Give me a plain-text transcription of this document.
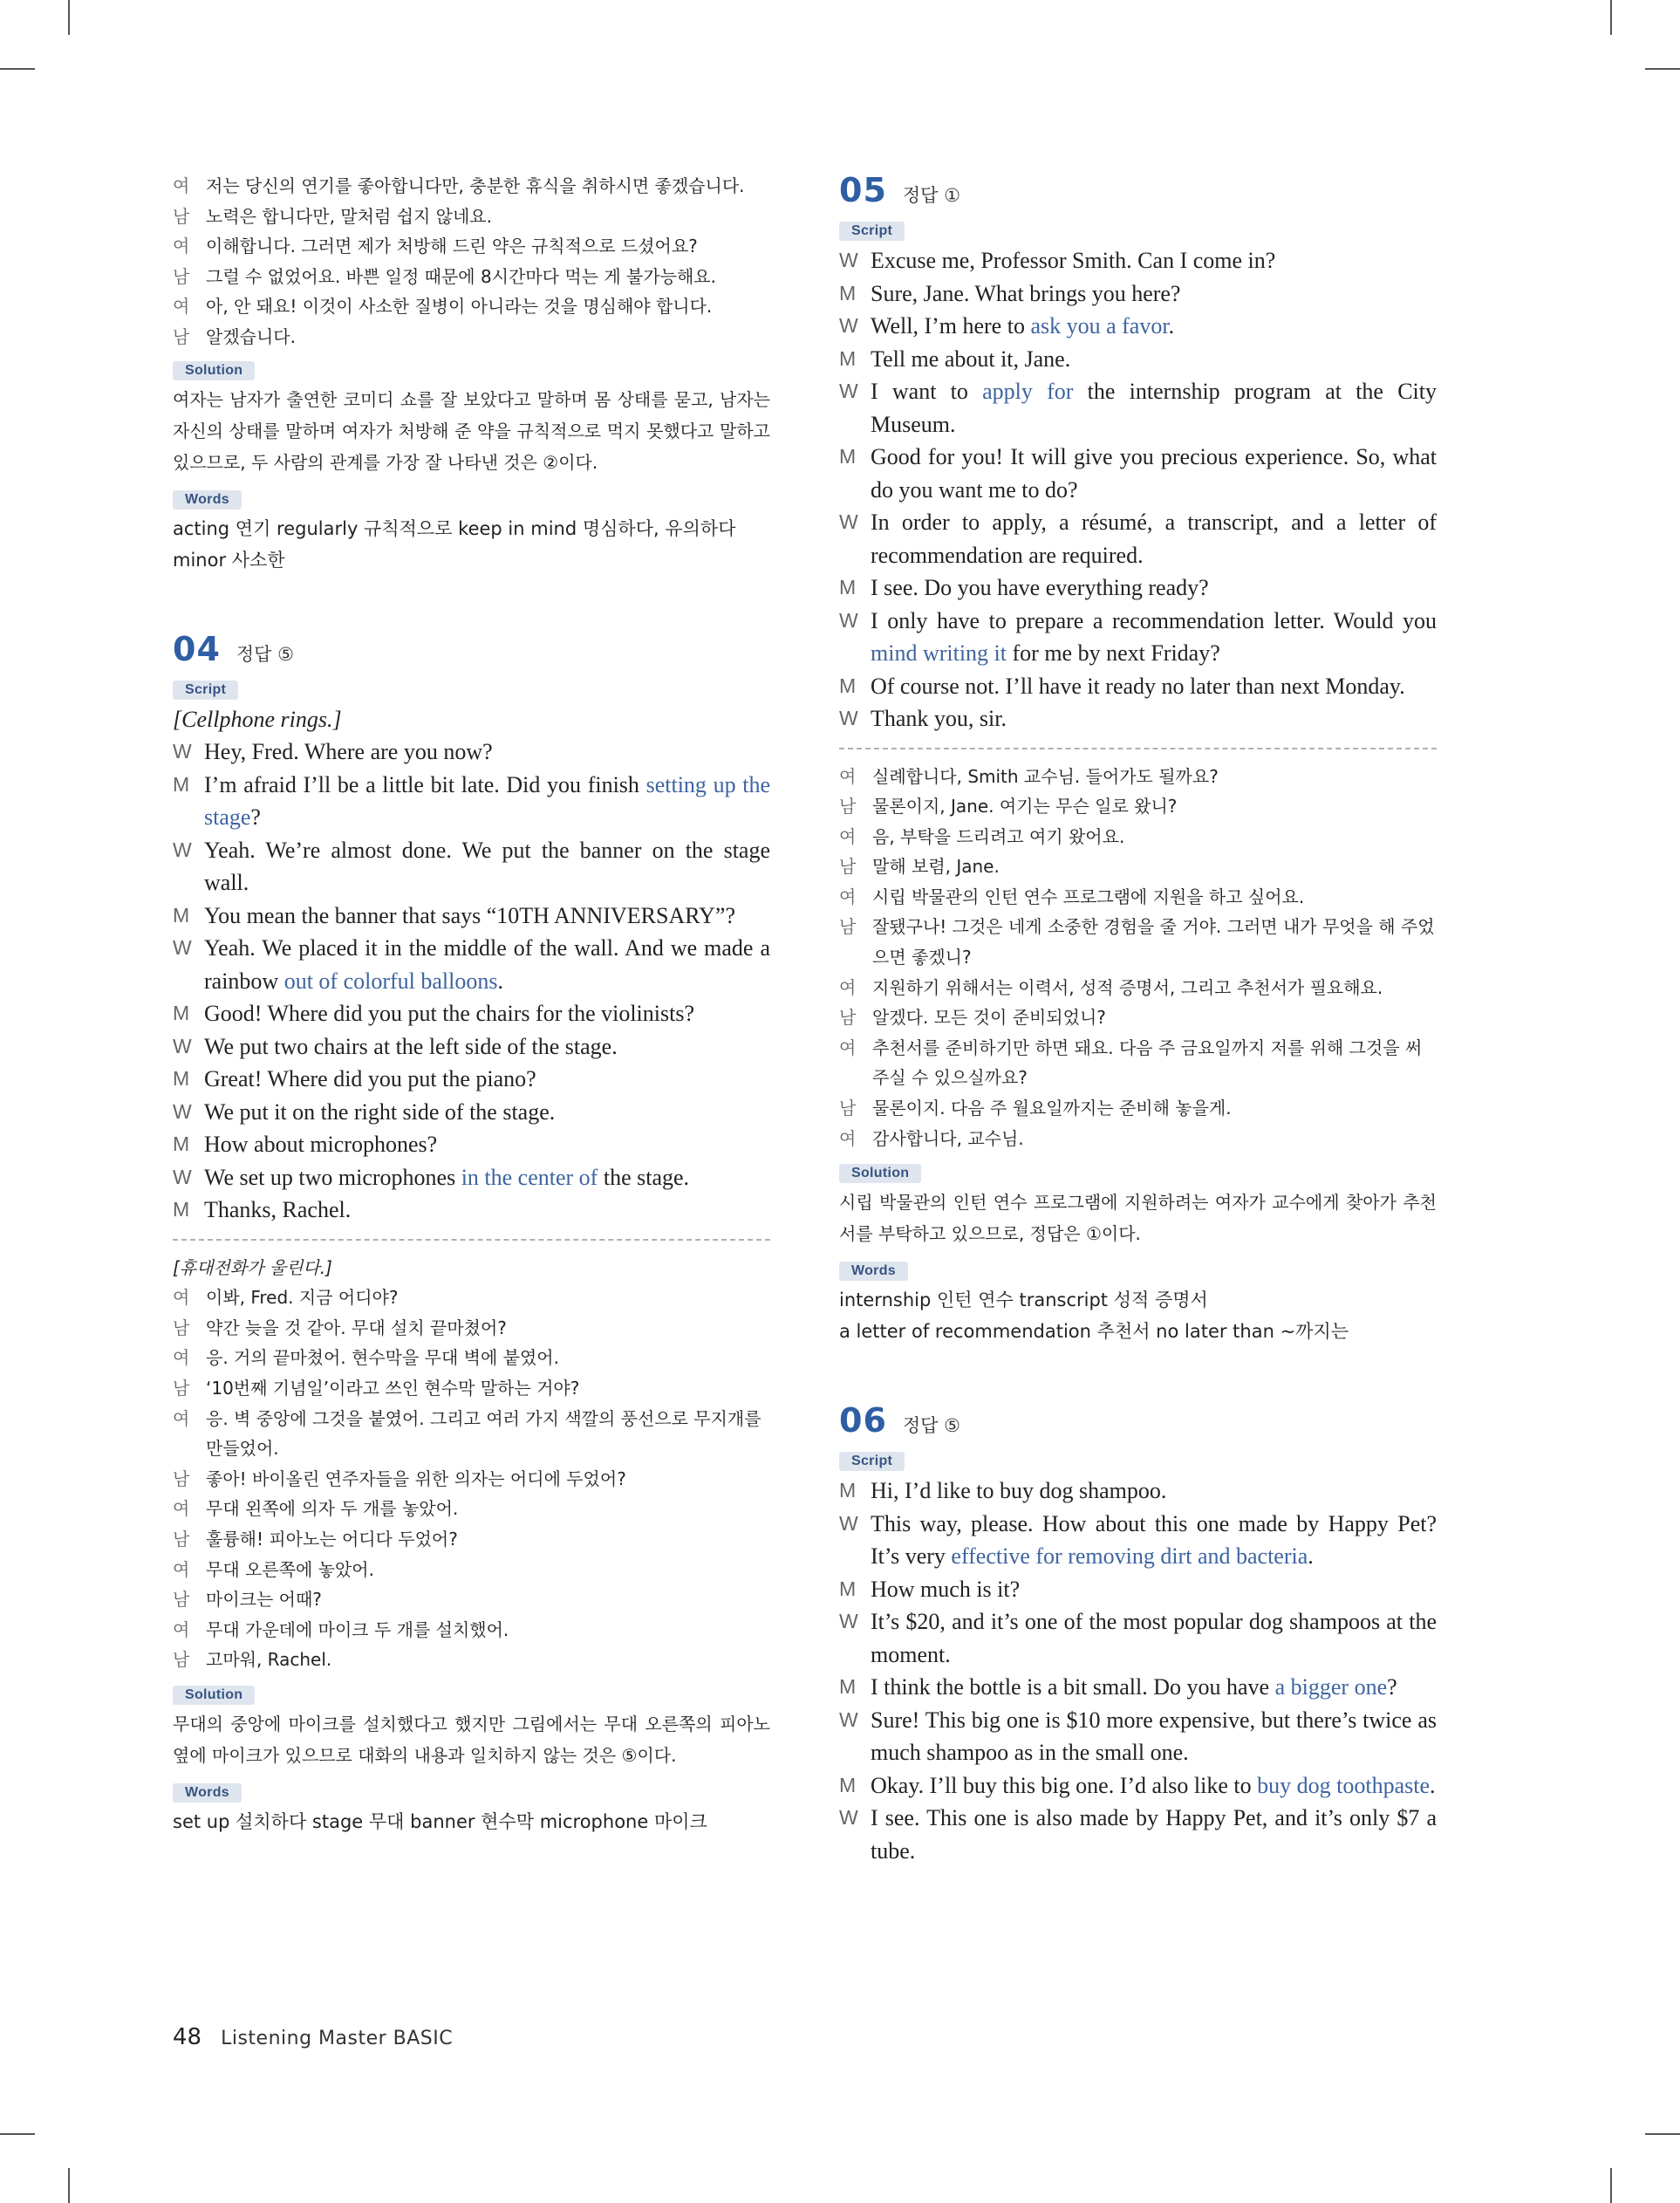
여 저는 당신의 연기를 좋아합니다만, 충분한 휴식을 취하시면 좋겠습니다.
남 노력은 합니다만, 말처럼 쉽지 않네요.
여 이해합니다. 그러면 제가 처방해 드린 약은 규칙적으로 드셨어요?
남 그럴 수 없었어요. 바쁜 일정 때문에 8시간마다 먹는 게 불가능해요.
여 아, 안 돼요! 이것이 사소한 질병이 아니라는 것을 명심해야 합니다.
남 알겠습니다.
Solution
여자는 남자가 출연한 코미디 쇼를 잘 보았다고 말하며 몸 상태를 묻고, 남자는 자신의 상태를 말하며 여자가 처방해 준 약을 규칙적으로 먹지 못했다고 말하고 있으므로, 두 사람의 관계를 가장 잘 나타낸 것은 ②이다.
Words
acting 연기 regularly 규칙적으로 keep in mind 명심하다, 유의하다
minor 사소한
04 정답 ⑤
Script
[Cellphone rings.]
W Hey, Fred. Where are you now?
M I’m afraid I’ll be a little bit late. Did you finish setting up the stage?
W Yeah. We’re almost done. We put the banner on the stage wall.
M You mean the banner that says “10TH ANNIVERSARY”?
W Yeah. We placed it in the middle of the wall. And we made a rainbow out of colorful balloons.
M Good! Where did you put the chairs for the violinists?
W We put two chairs at the left side of the stage.
M Great! Where did you put the piano?
W We put it on the right side of the stage.
M How about microphones?
W We set up two microphones in the center of the stage.
M Thanks, Rachel.
[휴대전화가 울린다.]
여 이봐, Fred. 지금 어디야?
남 약간 늦을 것 같아. 무대 설치 끝마쳤어?
여 응. 거의 끝마쳤어. 현수막을 무대 벽에 붙였어.
남 ‘10번째 기념일’이라고 쓰인 현수막 말하는 거야?
여 응. 벽 중앙에 그것을 붙였어. 그리고 여러 가지 색깔의 풍선으로 무지개를 만들었어.
남 좋아! 바이올린 연주자들을 위한 의자는 어디에 두었어?
여 무대 왼쪽에 의자 두 개를 놓았어.
남 훌륭해! 피아노는 어디다 두었어?
여 무대 오른쪽에 놓았어.
남 마이크는 어때?
여 무대 가운데에 마이크 두 개를 설치했어.
남 고마워, Rachel.
Solution
무대의 중앙에 마이크를 설치했다고 했지만 그림에서는 무대 오른쪽의 피아노 옆에 마이크가 있으므로 대화의 내용과 일치하지 않는 것은 ⑤이다.
Words
set up 설치하다 stage 무대 banner 현수막 microphone 마이크
05 정답 ①
Script
W Excuse me, Professor Smith. Can I come in?
M Sure, Jane. What brings you here?
W Well, I’m here to ask you a favor.
M Tell me about it, Jane.
W I want to apply for the internship program at the City Museum.
M Good for you! It will give you precious experience. So, what do you want me to do?
W In order to apply, a résumé, a transcript, and a letter of recommendation are required.
M I see. Do you have everything ready?
W I only have to prepare a recommendation letter. Would you mind writing it for me by next Friday?
M Of course not. I’ll have it ready no later than next Monday.
W Thank you, sir.
여 실례합니다, Smith 교수님. 들어가도 될까요?
남 물론이지, Jane. 여기는 무슨 일로 왔니?
여 음, 부탁을 드리려고 여기 왔어요.
남 말해 보렴, Jane.
여 시립 박물관의 인턴 연수 프로그램에 지원을 하고 싶어요.
남 잘됐구나! 그것은 네게 소중한 경험을 줄 거야. 그러면 내가 무엇을 해 주었으면 좋겠니?
여 지원하기 위해서는 이력서, 성적 증명서, 그리고 추천서가 필요해요.
남 알겠다. 모든 것이 준비되었니?
여 추천서를 준비하기만 하면 돼요. 다음 주 금요일까지 저를 위해 그것을 써 주실 수 있으실까요?
남 물론이지. 다음 주 월요일까지는 준비해 놓을게.
여 감사합니다, 교수님.
Solution
시립 박물관의 인턴 연수 프로그램에 지원하려는 여자가 교수에게 찾아가 추천서를 부탁하고 있으므로, 정답은 ①이다.
Words
internship 인턴 연수 transcript 성적 증명서
a letter of recommendation 추천서 no later than ~까지는
06 정답 ⑤
Script
M Hi, I’d like to buy dog shampoo.
W This way, please. How about this one made by Happy Pet? It’s very effective for removing dirt and bacteria.
M How much is it?
W It’s $20, and it’s one of the most popular dog shampoos at the moment.
M I think the bottle is a bit small. Do you have a bigger one?
W Sure! This big one is $10 more expensive, but there’s twice as much shampoo as in the small one.
M Okay. I’ll buy this big one. I’d also like to buy dog toothpaste.
W I see. This one is also made by Happy Pet, and it’s only $7 a tube.
48 Listening Master BASIC
